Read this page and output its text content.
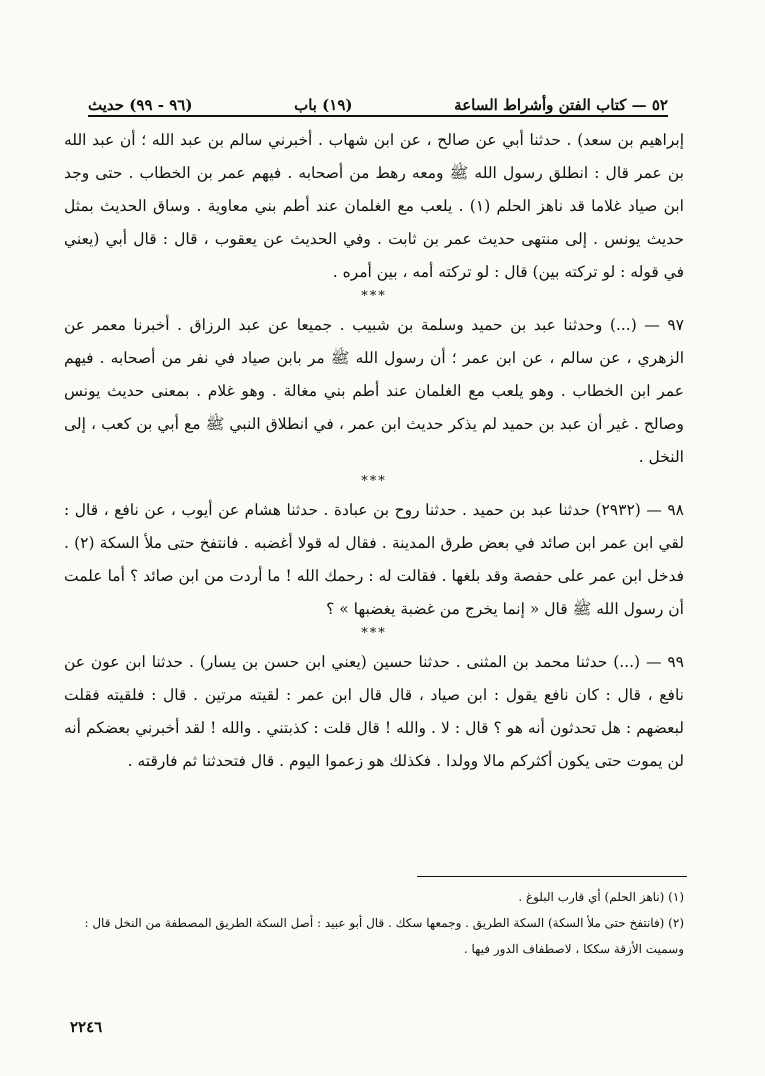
٥٢ — كتاب الفتن وأشراط الساعة
(١٩) باب
(٩٦ - ٩٩) حديث

إبراهيم بن سعد) . حدثنا أبي عن صالح ، عن ابن شهاب . أخبرني سالم بن عبد الله ؛ أن عبد الله بن عمر قال : انطلق رسول الله ﷺ ومعه رهط من أصحابه . فيهم عمر بن الخطاب . حتى وجد ابن صياد غلاما قد ناهز الحلم (١) . يلعب مع الغلمان عند أطم بني معاوية . وساق الحديث بمثل حديث يونس . إلى منتهى حديث عمر بن ثابت . وفي الحديث عن يعقوب ، قال : قال أبي (يعني في قوله : لو تركته بين) قال : لو تركته أمه ، بين أمره .

***

٩٧ — (...) وحدثنا عبد بن حميد وسلمة بن شبيب . جميعا عن عبد الرزاق . أخبرنا معمر عن الزهري ، عن سالم ، عن ابن عمر ؛ أن رسول الله ﷺ مر بابن صياد في نفر من أصحابه . فيهم عمر ابن الخطاب . وهو يلعب مع الغلمان عند أطم بني مغالة . وهو غلام . بمعنى حديث يونس وصالح . غير أن عبد بن حميد لم يذكر حديث ابن عمر ، في انطلاق النبي ﷺ مع أبي بن كعب ، إلى النخل .

***

٩٨ — (٢٩٣٢) حدثنا عبد بن حميد . حدثنا روح بن عبادة . حدثنا هشام عن أيوب ، عن نافع ، قال : لقي ابن عمر ابن صائد في بعض طرق المدينة . فقال له قولا أغضبه . فانتفخ حتى ملأ السكة (٢) . فدخل ابن عمر على حفصة وقد بلغها . فقالت له : رحمك الله ! ما أردت من ابن صائد ؟ أما علمت أن رسول الله ﷺ قال « إنما يخرج من غضبة يغضبها » ؟

***

٩٩ — (...) حدثنا محمد بن المثنى . حدثنا حسين (يعني ابن حسن بن يسار) . حدثنا ابن عون عن نافع ، قال : كان نافع يقول : ابن صياد ، قال قال ابن عمر : لقيته مرتين . قال : فلقيته فقلت لبعضهم : هل تحدثون أنه هو ؟ قال : لا . والله ! قال قلت : كذبتني . والله ! لقد أخبرني بعضكم أنه لن يموت حتى يكون أكثركم مالا وولدا . فكذلك هو زعموا اليوم . قال فتحدثنا ثم فارقته .

(١) (ناهز الحلم) أي قارب البلوغ .

(٢) (فانتفخ حتى ملأ السكة) السكة الطريق . وجمعها سكك . قال أبو عبيد : أصل السكة الطريق المصطفة من النخل قال : وسميت الأزقة سككا ، لاصطفاف الدور فيها .

٢٢٤٦
